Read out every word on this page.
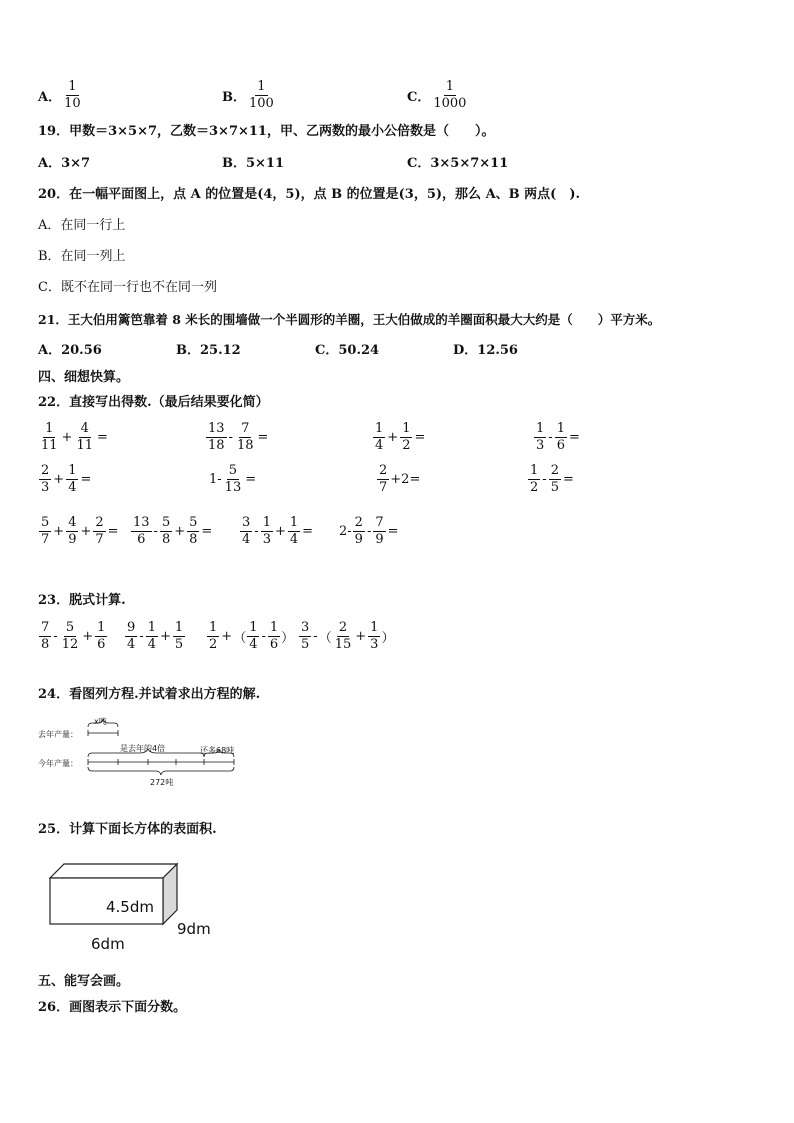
A． $\frac{1}{10}$	B． $\frac{1}{100}$	C． $\frac{1}{1000}$
19．甲数＝3×5×7，乙数＝3×7×11，甲、乙两数的最小公倍数是（　　）。
A．3×7	B．5×11	C．3×5×7×11
20．在一幅平面图上，点 A 的位置是(4，5)，点 B 的位置是(3，5)，那么 A、B 两点(　).
A．在同一行上
B．在同一列上
C．既不在同一行也不在同一列
21．王大伯用篱笆靠着 8 米长的围墙做一个半圆形的羊圈，王大伯做成的羊圈面积最大大约是（　　）平方米。
A．20.56	B．25.12	C．50.24	D．12.56
四、细想快算。
22．直接写出得数.（最后结果要化简）
$\frac{1}{11} + \frac{4}{11}$ =	$\frac{13}{18} - \frac{7}{18}$ =	$\frac{1}{4} + \frac{1}{2}$ =	$\frac{1}{3} - \frac{1}{6}$ =
$\frac{2}{3} + \frac{1}{4}$ =	$1- \frac{5}{13}$ =	$\frac{2}{7} +2=$	$\frac{1}{2} - \frac{2}{5}$ =
$\frac{5}{7} + \frac{4}{9} + \frac{2}{7} = \frac{13}{6} - \frac{5}{8} + \frac{5}{8} = \frac{3}{4} - \frac{1}{3} + \frac{1}{4} = 2- \frac{2}{9} - \frac{7}{9}$ =
23．脱式计算.
$\frac{7}{8} - \frac{5}{12} + \frac{1}{6} \frac{9}{4} - \frac{1}{4} + \frac{1}{5} \frac{1}{2}$ + （ $\frac{1}{4} - \frac{1}{6}$ ） $\frac{3}{5}$ - （ $\frac{2}{15} + \frac{1}{3}$ ）
24．看图列方程.并试着求出方程的解.
去年产量：
今年产量：
x吨
是去年的4倍	还多68吨
272吨
25．计算下面长方体的表面积.
4.5dm
6dm
9dm
五、能写会画。
26．画图表示下面分数。
